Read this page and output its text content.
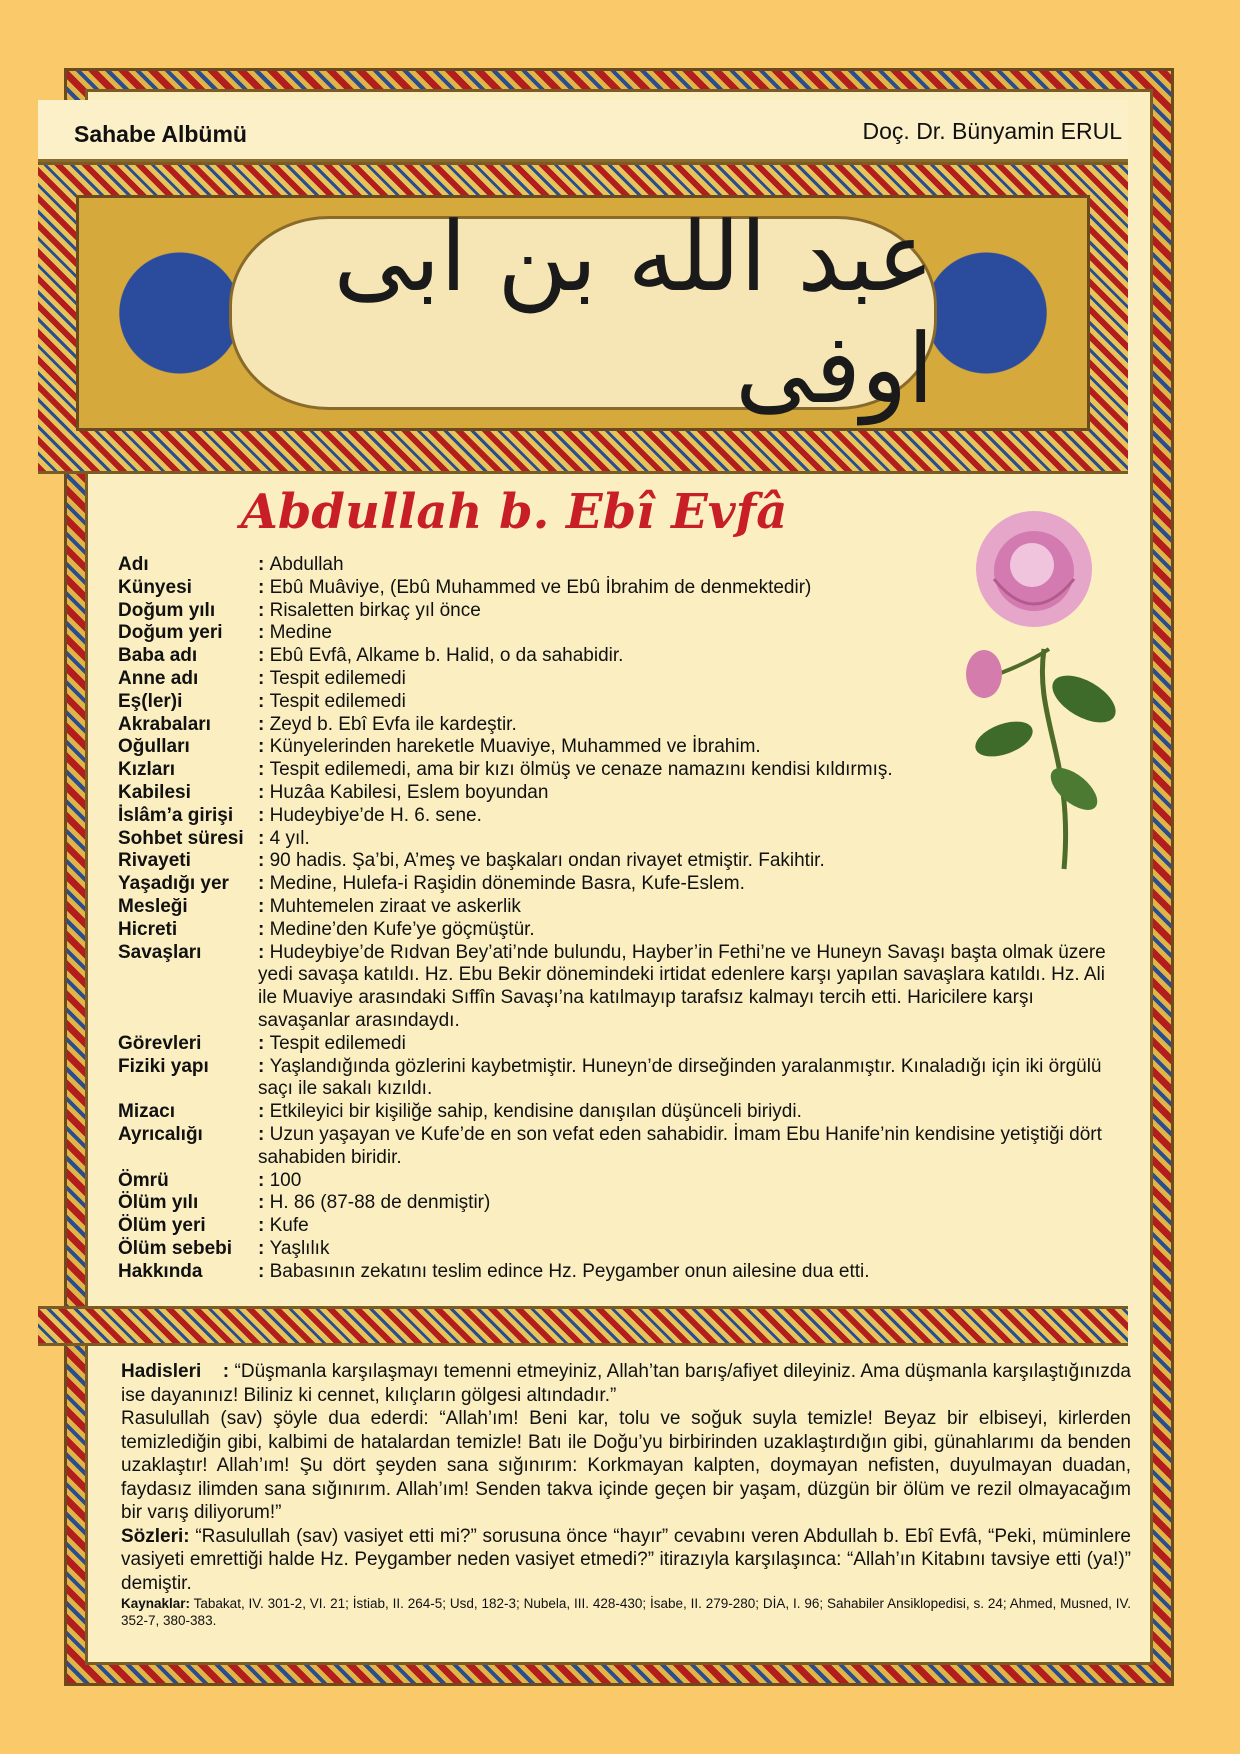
Sahabe Albümü	Doç. Dr. Bünyamin ERUL
عبد الله بن ابى اوفى
Abdullah b. Ebî Evfâ
Adı	: Abdullah
Künyesi	: Ebû Muâviye, (Ebû Muhammed ve Ebû İbrahim de denmektedir)
Doğum yılı	: Risaletten birkaç yıl önce
Doğum yeri	: Medine
Baba adı	: Ebû Evfâ, Alkame b. Halid, o da sahabidir.
Anne adı	: Tespit edilemedi
Eş(ler)i	: Tespit edilemedi
Akrabaları	: Zeyd b. Ebî Evfa ile kardeştir.
Oğulları	: Künyelerinden hareketle Muaviye, Muhammed ve İbrahim.
Kızları	: Tespit edilemedi, ama bir kızı ölmüş ve cenaze namazını kendisi kıldırmış.
Kabilesi	: Huzâa Kabilesi, Eslem boyundan
İslâm’a girişi	: Hudeybiye’de H. 6. sene.
Sohbet süresi : 4 yıl.
Rivayeti	: 90 hadis. Şa’bi, A’meş ve başkaları ondan rivayet etmiştir. Fakihtir.
Yaşadığı yer	: Medine, Hulefa-i Raşidin döneminde Basra, Kufe-Eslem.
Mesleği	: Muhtemelen ziraat ve askerlik
Hicreti	: Medine’den Kufe’ye göçmüştür.
Savaşları	: Hudeybiye’de Rıdvan Bey’ati’nde bulundu, Hayber’in Fethi’ne ve Huneyn Savaşı başta olmak üzere yedi savaşa katıldı. Hz. Ebu Bekir dönemindeki irtidat edenlere karşı yapılan savaşlara katıldı. Hz. Ali ile Muaviye arasındaki Sıffîn Savaşı’na katılmayıp tarafsız kalmayı tercih etti. Haricilere karşı savaşanlar arasındaydı.
Görevleri	: Tespit edilemedi
Fiziki yapı	: Yaşlandığında gözlerini kaybetmiştir. Huneyn’de dirseğinden yaralanmıştır. Kınaladığı için iki örgülü saçı ile sakalı kızıldı.
Mizacı	: Etkileyici bir kişiliğe sahip, kendisine danışılan düşünceli biriydi.
Ayrıcalığı	: Uzun yaşayan ve Kufe’de en son vefat eden sahabidir. İmam Ebu Hanife’nin kendisine yetiştiği dört sahabiden biridir.
Ömrü	: 100
Ölüm yılı	: H. 86 (87-88 de denmiştir)
Ölüm yeri	: Kufe
Ölüm sebebi	: Yaşlılık
Hakkında	: Babasının zekatını teslim edince Hz. Peygamber onun ailesine dua etti.

Hadisleri    : “Düşmanla karşılaşmayı temenni etmeyiniz, Allah’tan barış/afiyet dileyiniz. Ama düşmanla karşılaştığınızda ise dayanınız! Biliniz ki cennet, kılıçların gölgesi altındadır.”

Rasulullah (sav) şöyle dua ederdi: “Allah’ım! Beni kar, tolu ve soğuk suyla temizle! Beyaz bir elbiseyi, kirlerden temizlediğin gibi, kalbimi de hatalardan temizle! Batı ile Doğu’yu birbirinden uzaklaştırdığın gibi, günahlarımı da benden uzaklaştır! Allah’ım! Şu dört şeyden sana sığınırım: Korkmayan kalpten, doymayan nefisten, duyulmayan duadan, faydasız ilimden sana sığınırım. Allah’ım! Senden takva içinde geçen bir yaşam, düzgün bir ölüm ve rezil olmayacağım bir varış diliyorum!”

Sözleri: “Rasulullah (sav) vasiyet etti mi?” sorusuna önce “hayır” cevabını veren Abdullah b. Ebî Evfâ, “Peki, müminlere vasiyeti emrettiği halde Hz. Peygamber neden vasiyet etmedi?” itirazıyla karşılaşınca: “Allah’ın Kitabını tavsiye etti (ya!)” demiştir.

Kaynaklar: Tabakat, IV. 301-2, VI. 21; İstiab, II. 264-5; Usd, 182-3; Nubela, III. 428-430; İsabe, II. 279-280; DİA, I. 96; Sahabiler Ansiklopedisi, s. 24; Ahmed, Musned, IV. 352-7, 380-383.
